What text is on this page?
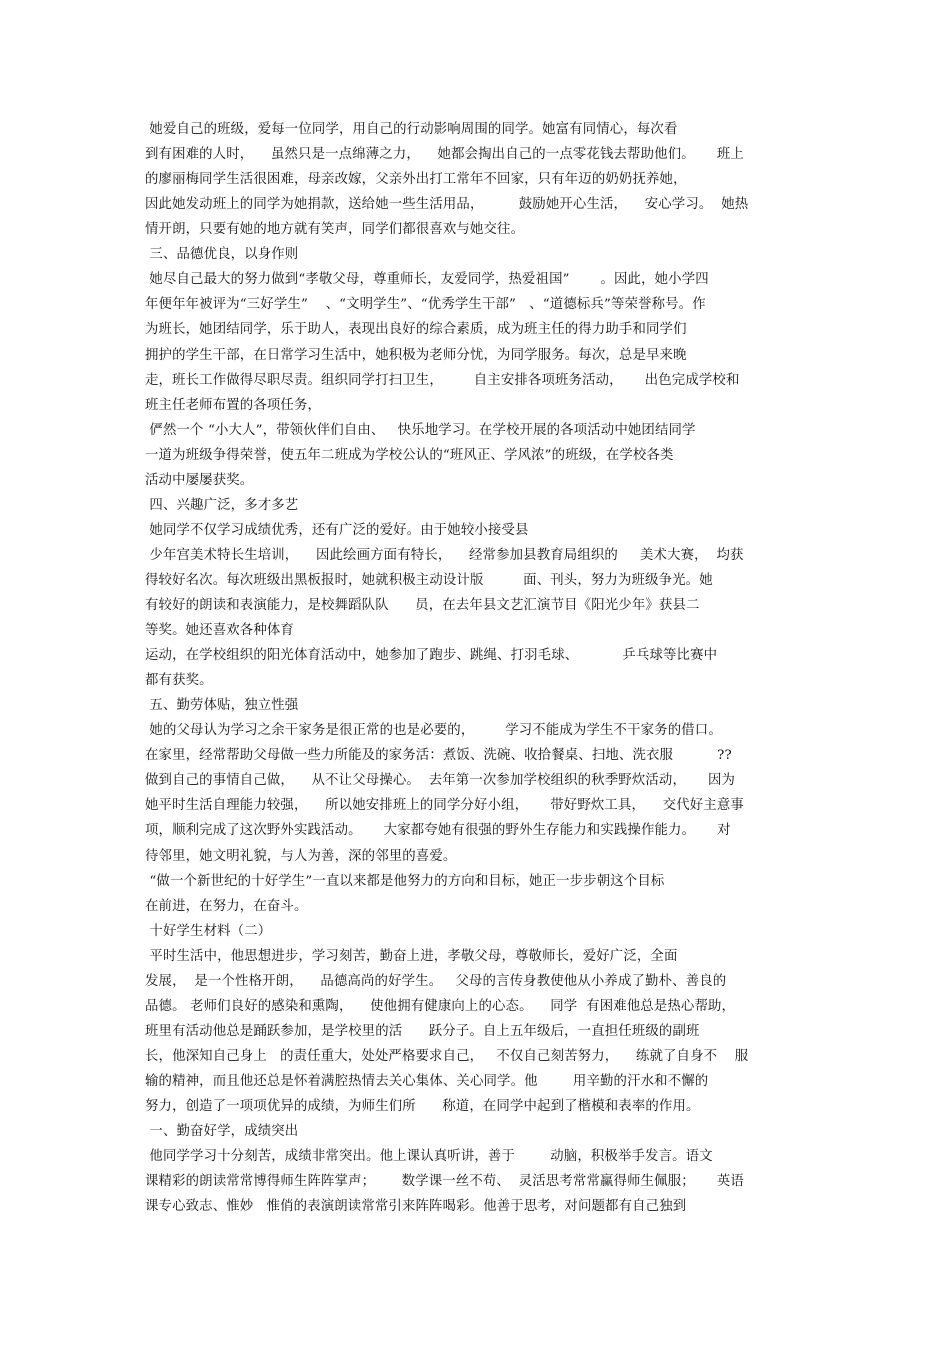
她爱自己的班级，爱每一位同学，用自己的行动影响周围的同学。她富有同情心，每次看
到有困难的人时，    虽然只是一点绵薄之力，    她都会掏出自己的一点零花钱去帮助他们。     班上
的廖丽梅同学生活很困难，母亲改嫁，父亲外出打工常年不回家，只有年迈的奶奶抚养她，
因此她发动班上的同学为她捐款，送给她一些生活用品，        鼓励她开心生活，    安心学习。  她热
情开朗，只要有她的地方就有笑声，同学们都很喜欢与她交往。
三、品德优良，以身作则
她尽自己最大的努力做到“孝敬父母，尊重师长，友爱同学，热爱祖国”       。因此，她小学四
年便年年被评为“三好学生”    、“文明学生”、“优秀学生干部”   、“道德标兵”等荣誉称号。作
为班长，她团结同学，乐于助人，表现出良好的综合素质，成为班主任的得力助手和同学们
拥护的学生干部，在日常学习生活中，她积极为老师分忧，为同学服务。每次，总是早来晚
走，班长工作做得尽职尽责。组织同学打扫卫生，       自主安排各项班务活动，     出色完成学校和
班主任老师布置的各项任务，
俨然一个 “小大人”，带领伙伴们自由、   快乐地学习。在学校开展的各项活动中她团结同学
一道为班级争得荣誉，使五年二班成为学校公认的“班风正、学风浓”的班级，在学校各类
活动中屡屡获奖。
四、兴趣广泛，多才多艺
她同学不仅学习成绩优秀，还有广泛的爱好。由于她较小接受县
少年宫美术特长生培训，    因此绘画方面有特长，    经常参加县教育局组织的     美术大赛，  均获
得较好名次。每次班级出黑板报时，她就积极主动设计版         面、刊头，努力为班级争光。她
有较好的朗读和表演能力，是校舞蹈队队      员，在去年县文艺汇演节目《阳光少年》获县二
等奖。她还喜欢各种体育
运动，在学校组织的阳光体育活动中，她参加了跑步、跳绳、打羽毛球、          乒乓球等比赛中
都有获奖。
五、勤劳体贴，独立性强
她的父母认为学习之余干家务是很正常的也是必要的，       学习不能成为学生不干家务的借口。
在家里，经常帮助父母做一些力所能及的家务活：煮饭、洗碗、收拾餐桌、扫地、洗衣服          ??
做到自己的事情自己做，    从不让父母操心。  去年第一次参加学校组织的秋季野炊活动，     因为
她平时生活自理能力较强，    所以她安排班上的同学分好小组，     带好野炊工具，    交代好主意事
项，顺利完成了这次野外实践活动。     大家都夸她有很强的野外生存能力和实践操作能力。     对
待邻里，她文明礼貌，与人为善，深的邻里的喜爱。
“做一个新世纪的十好学生”一直以来都是他努力的方向和目标，她正一步步朝这个目标
在前进，在努力，在奋斗。
十好学生材料（二）
平时生活中，他思想进步，学习刻苦，勤奋上进，孝敬父母，尊敬师长，爱好广泛，全面
发展，  是一个性格开朗，    品德高尚的好学生。   父母的言传身教使他从小养成了勤朴、善良的
品德。 老师们良好的感染和熏陶，    使他拥有健康向上的心态。    同学  有困难他总是热心帮助，
班里有活动他总是踊跃参加，是学校里的活      跃分子。自上五年级后，一直担任班级的副班
长，他深知自己身上   的责任重大，处处严格要求自己，   不仅自己刻苦努力，    练就了自身不    服
输的精神，而且他还总是怀着满腔热情去关心集体、关心同学。他        用辛勤的汗水和不懈的
努力，创造了一项项优异的成绩，为师生们所      称道，在同学中起到了楷模和表率的作用。
一、勤奋好学，成绩突出
他同学学习十分刻苦，成绩非常突出。他上课认真听讲，善于        动脑，积极举手发言。语文
课精彩的朗读常常博得师生阵阵掌声；      数学课一丝不苟、  灵活思考常常赢得师生佩服；     英语
课专心致志、惟妙   惟俏的表演朗读常常引来阵阵喝彩。他善于思考，对问题都有自己独到
